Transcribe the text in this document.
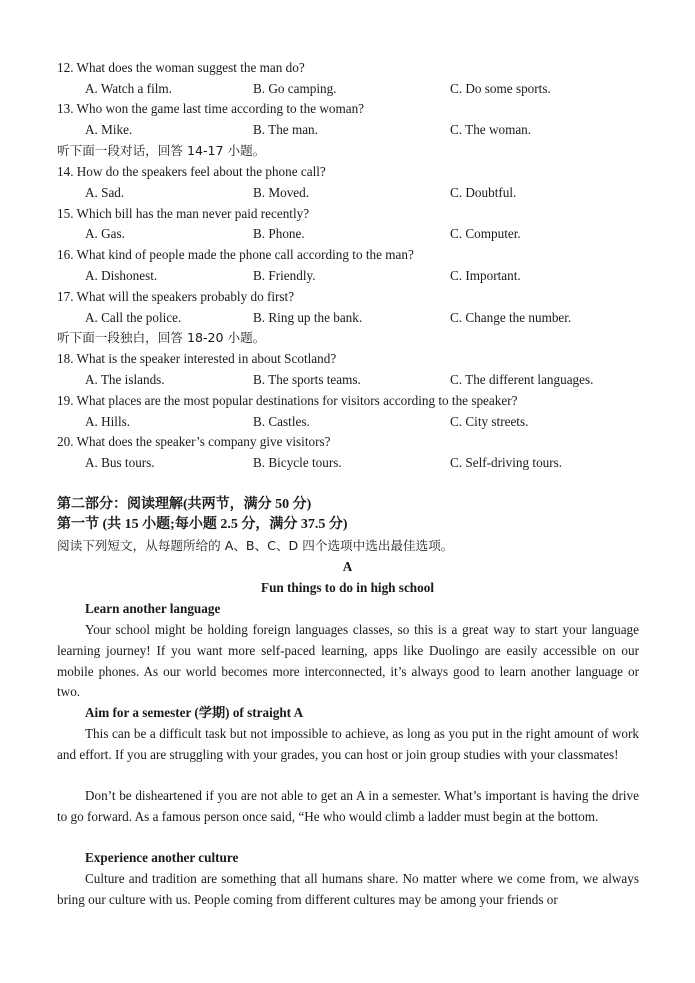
12. What does the woman suggest the man do?
A. Watch a film.	B. Go camping.	C. Do some sports.
13. Who won the game last time according to the woman?
A. Mike.	B. The man.	C. The woman.
听下面一段对话，回答 14-17 小题。
14. How do the speakers feel about the phone call?
A. Sad.	B. Moved.	C. Doubtful.
15. Which bill has the man never paid recently?
A. Gas.	B. Phone.	C. Computer.
16. What kind of people made the phone call according to the man?
A. Dishonest.	B. Friendly.	C. Important.
17. What will the speakers probably do first?
A. Call the police.	B. Ring up the bank.	C. Change the number.
听下面一段独白，回答 18-20 小题。
18. What is the speaker interested in about Scotland?
A. The islands.	B. The sports teams.	C. The different languages.
19. What places are the most popular destinations for visitors according to the speaker?
A. Hills.	B. Castles.	C. City streets.
20. What does the speaker’s company give visitors?
A. Bus tours.	B. Bicycle tours.	C. Self-driving tours.
第二部分：阅读理解(共两节，满分 50 分)
第一节 (共 15 小题;每小题 2.5 分，满分 37.5 分)
阅读下列短文，从每题所给的 A、B、C、D 四个选项中选出最佳选项。
A
Fun things to do in high school
Learn another language
Your school might be holding foreign languages classes, so this is a great way to start your language learning journey! If you want more self-paced learning, apps like Duolingo are easily accessible on our mobile phones. As our world becomes more interconnected, it’s always good to learn another language or two.
Aim for a semester (学期) of straight A
This can be a difficult task but not impossible to achieve, as long as you put in the right amount of work and effort. If you are struggling with your grades, you can host or join group studies with your classmates!
Don’t be disheartened if you are not able to get an A in a semester. What’s important is having the drive to go forward. As a famous person once said, “He who would climb a ladder must begin at the bottom.
Experience another culture
Culture and tradition are something that all humans share. No matter where we come from, we always bring our culture with us. People coming from different cultures may be among your friends or
